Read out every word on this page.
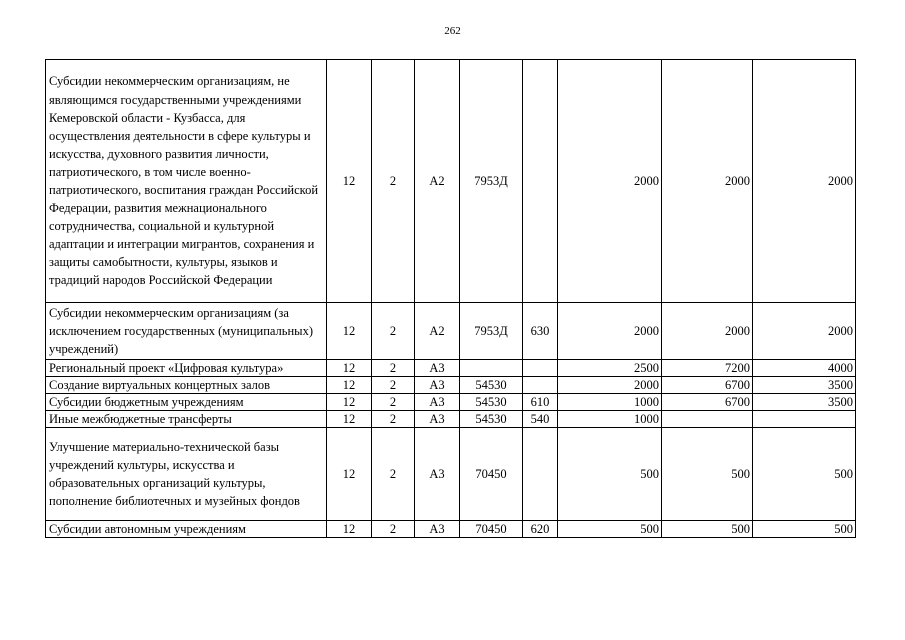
262
Субсидии некоммерческим организациям, не являющимся государственными учреждениями Кемеровской области - Кузбасса, для осуществления деятельности в сфере культуры и искусства, духовного развития личности, патриотического, в том числе военно-патриотического, воспитания граждан Российской Федерации, развития межнационального сотрудничества, социальной и культурной адаптации и интеграции мигрантов, сохранения и защиты самобытности, культуры, языков и традиций народов Российской Федерации	12	2	А2	7953Д		2000	2000	2000
Субсидии некоммерческим организациям (за исключением государственных (муниципальных) учреждений)	12	2	А2	7953Д	630	2000	2000	2000
Региональный проект «Цифровая культура»	12	2	А3			2500	7200	4000
Создание виртуальных концертных залов	12	2	А3	54530		2000	6700	3500
Субсидии бюджетным учреждениям	12	2	А3	54530	610	1000	6700	3500
Иные межбюджетные трансферты	12	2	А3	54530	540	1000		
Улучшение материально-технической базы учреждений культуры, искусства и образовательных организаций культуры, пополнение библиотечных и музейных фондов	12	2	А3	70450		500	500	500
Субсидии автономным учреждениям	12	2	А3	70450	620	500	500	500
